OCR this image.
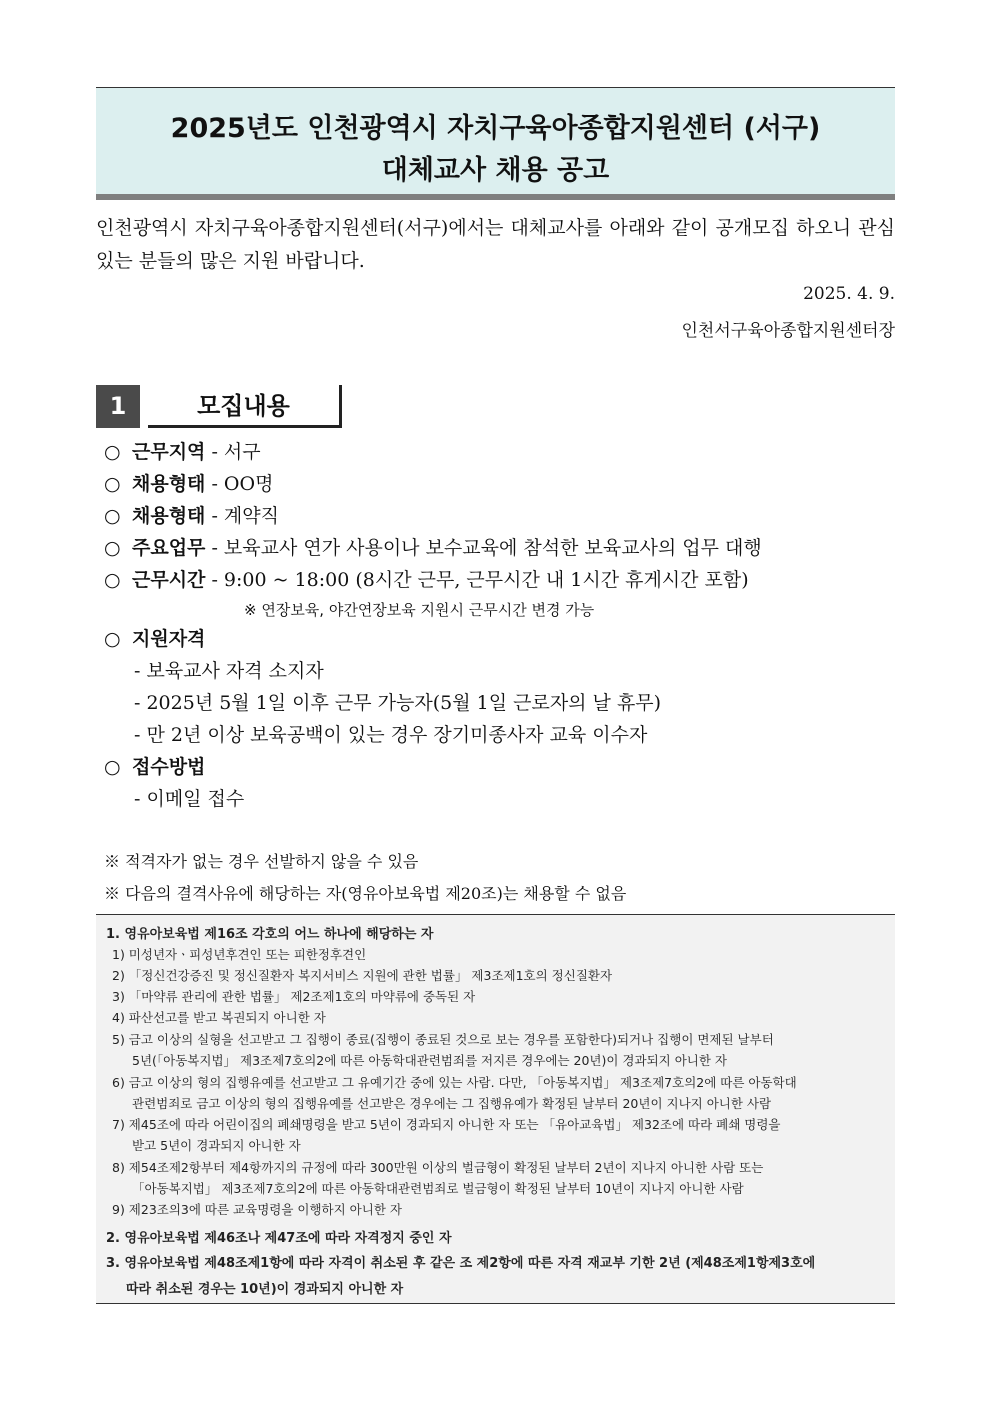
2025년도 인천광역시 자치구육아종합지원센터 (서구)
대체교사 채용 공고
인천광역시 자치구육아종합지원센터(서구)에서는 대체교사를 아래와 같이 공개모집 하오니 관심 있는 분들의 많은 지원 바랍니다.
2025. 4. 9.
인천서구육아종합지원센터장
1	모집내용
○ 근무지역 - 서구
○ 채용형태 - OO명
○ 채용형태 - 계약직
○ 주요업무 - 보육교사 연가 사용이나 보수교육에 참석한 보육교사의 업무 대행
○ 근무시간 - 9:00 ~ 18:00 (8시간 근무, 근무시간 내 1시간 휴게시간 포함)
※ 연장보육, 야간연장보육 지원시 근무시간 변경 가능
○ 지원자격
- 보육교사 자격 소지자
- 2025년 5월 1일 이후 근무 가능자(5월 1일 근로자의 날 휴무)
- 만 2년 이상 보육공백이 있는 경우 장기미종사자 교육 이수자
○ 접수방법
- 이메일 접수
※ 적격자가 없는 경우 선발하지 않을 수 있음
※ 다음의 결격사유에 해당하는 자(영유아보육법 제20조)는 채용할 수 없음
1. 영유아보육법 제16조 각호의 어느 하나에 해당하는 자
1) 미성년자ㆍ피성년후견인 또는 피한정후견인
2) 「정신건강증진 및 정신질환자 복지서비스 지원에 관한 법률」 제3조제1호의 정신질환자
3) 「마약류 관리에 관한 법률」 제2조제1호의 마약류에 중독된 자
4) 파산선고를 받고 복권되지 아니한 자
5) 금고 이상의 실형을 선고받고 그 집행이 종료(집행이 종료된 것으로 보는 경우를 포함한다)되거나 집행이 면제된 날부터
5년(「아동복지법」 제3조제7호의2에 따른 아동학대관련범죄를 저지른 경우에는 20년)이 경과되지 아니한 자
6) 금고 이상의 형의 집행유예를 선고받고 그 유예기간 중에 있는 사람. 다만, 「아동복지법」 제3조제7호의2에 따른 아동학대
관련범죄로 금고 이상의 형의 집행유예를 선고받은 경우에는 그 집행유예가 확정된 날부터 20년이 지나지 아니한 사람
7) 제45조에 따라 어린이집의 폐쇄명령을 받고 5년이 경과되지 아니한 자 또는 「유아교육법」 제32조에 따라 폐쇄 명령을
받고 5년이 경과되지 아니한 자
8) 제54조제2항부터 제4항까지의 규정에 따라 300만원 이상의 벌금형이 확정된 날부터 2년이 지나지 아니한 사람 또는
「아동복지법」 제3조제7호의2에 따른 아동학대관련범죄로 벌금형이 확정된 날부터 10년이 지나지 아니한 사람
9) 제23조의3에 따른 교육명령을 이행하지 아니한 자
2. 영유아보육법 제46조나 제47조에 따라 자격정지 중인 자
3. 영유아보육법 제48조제1항에 따라 자격이 취소된 후 같은 조 제2항에 따른 자격 재교부 기한 2년 (제48조제1항제3호에
따라 취소된 경우는 10년)이 경과되지 아니한 자
